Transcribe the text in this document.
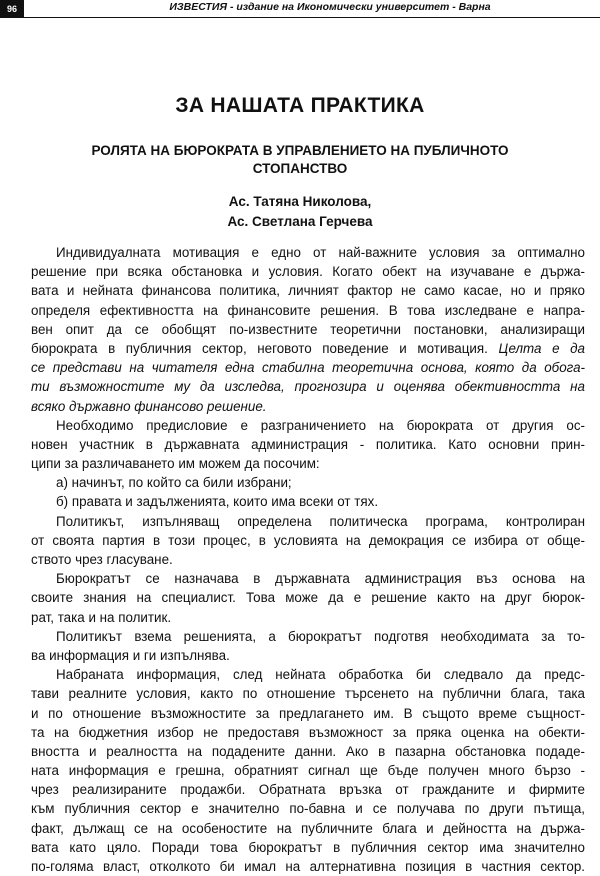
96	ИЗВЕСТИЯ - издание на Икономически университет - Варна
ЗА НАШАТА ПРАКТИКА
РОЛЯТА НА БЮРОКРАТА В УПРАВЛЕНИЕТО НА ПУБЛИЧНОТО
СТОПАНСТВО
Ас. Татяна Николова,
Ас. Светлана Герчева
Индивидуалната мотивация е едно от най-важните условия за оптимално
решение при всяка обстановка и условия. Когато обект на изучаване е държа-
вата и нейната финансова политика, личният фактор не само касае, но и пряко
определя ефективността на финансовите решения. В това изследване е напра-
вен опит да се обобщят по-известните теоретични постановки, анализиращи
бюрократа в публичния сектор, неговото поведение и мотивация. Целта е да
се представи на читателя една стабилна теоретична основа, която да обога-
ти възможностите му да изследва, прогнозира и оценява обективността на
всяко държавно финансово решение.
Необходимо предисловие е разграничението на бюрократа от другия ос-
новен участник в държавната администрация - политика. Като основни прин-
ципи за различаването им можем да посочим:
а) начинът, по който са били избрани;
б) правата и задълженията, които има всеки от тях.
Политикът, изпълняващ определена политическа програма, контролиран
от своята партия в този процес, в условията на демокрация се избира от обще-
ството чрез гласуване.
Бюрократът се назначава в държавната администрация въз основа на
своите знания на специалист. Това може да е решение както на друг бюрок-
рат, така и на политик.
Политикът взема решенията, а бюрократът подготвя необходимата за то-
ва информация и ги изпълнява.
Набраната информация, след нейната обработка би следвало да предс-
тави реалните условия, както по отношение търсенето на публични блага, така
и по отношение възможностите за предлагането им. В същото време същност-
та на бюджетния избор не предоставя възможност за пряка оценка на обекти-
вността и реалността на подадените данни. Ако в пазарна обстановка подаде-
ната информация е грешна, обратният сигнал ще бъде получен много бързо -
чрез реализираните продажби. Обратната връзка от гражданите и фирмите
към публичния сектор е значително по-бавна и се получава по други пътища,
факт, дължащ се на особеностите на публичните блага и дейността на държа-
вата като цяло. Поради това бюрократът в публичния сектор има значително
по-голяма власт, отколкото би имал на алтернативна позиция в частния сектор.
